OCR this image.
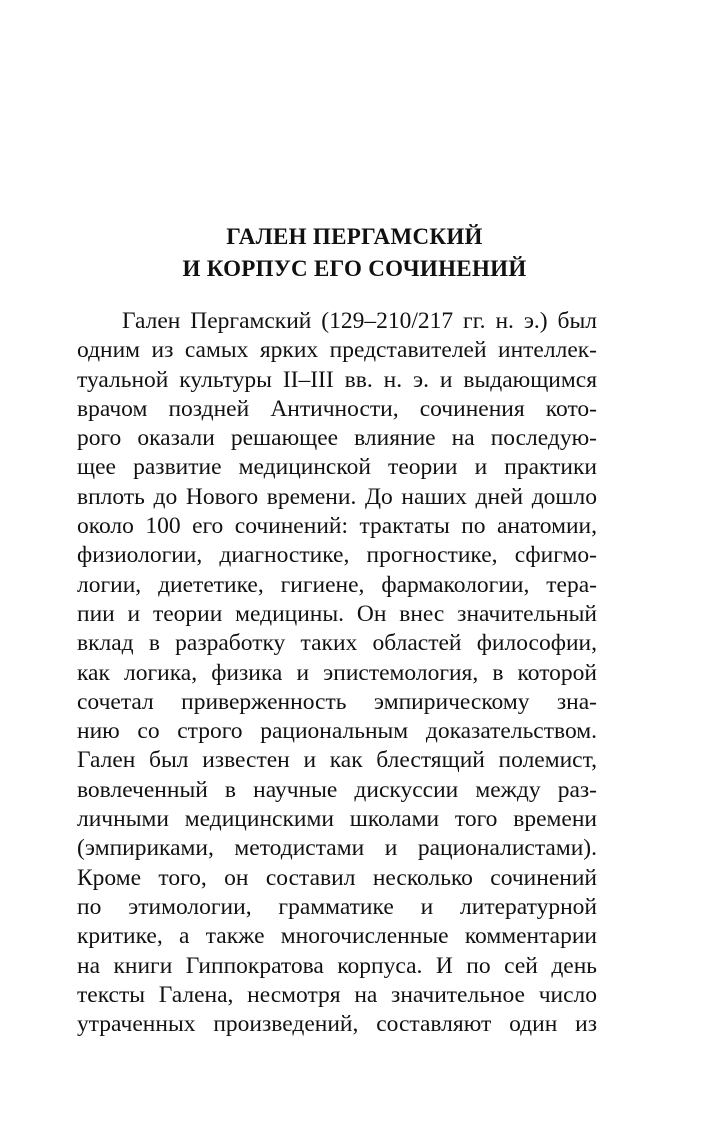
ГАЛЕН ПЕРГАМСКИЙ
И КОРПУС ЕГО СОЧИНЕНИЙ
Гален Пергамский (129–210/217 гг. н. э.) был
одним из самых ярких представителей интеллек-
туальной культуры II–III вв. н. э. и выдающимся
врачом поздней Античности, сочинения кото-
рого оказали решающее влияние на последую-
щее развитие медицинской теории и практики
вплоть до Нового времени. До наших дней дошло
около 100 его сочинений: трактаты по анатомии,
физиологии, диагностике, прогностике, сфигмо-
логии, диететике, гигиене, фармакологии, тера-
пии и теории медицины. Он внес значительный
вклад в разработку таких областей философии,
как логика, физика и эпистемология, в которой
сочетал приверженность эмпирическому зна-
нию со строго рациональным доказательством.
Гален был известен и как блестящий полемист,
вовлеченный в научные дискуссии между раз-
личными медицинскими школами того времени
(эмпириками, методистами и рационалистами).
Кроме того, он составил несколько сочинений
по этимологии, грамматике и литературной
критике, а также многочисленные комментарии
на книги Гиппократова корпуса. И по сей день
тексты Галена, несмотря на значительное число
утраченных произведений, составляют один из
